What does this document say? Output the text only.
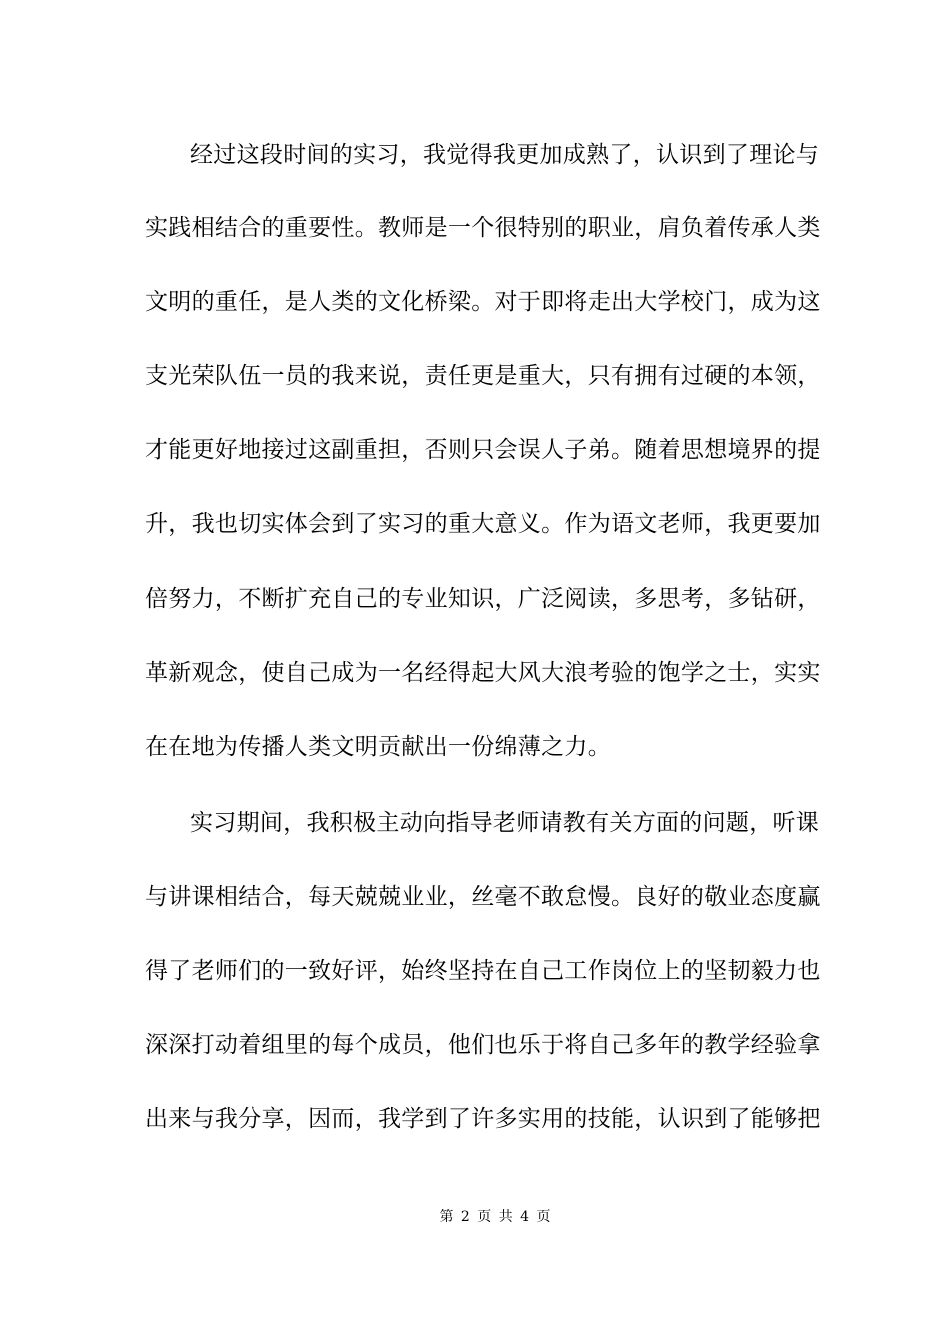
经过这段时间的实习，我觉得我更加成熟了，认识到了理论与
实践相结合的重要性。教师是一个很特别的职业，肩负着传承人类
文明的重任，是人类的文化桥梁。对于即将走出大学校门，成为这
支光荣队伍一员的我来说，责任更是重大，只有拥有过硬的本领，
才能更好地接过这副重担，否则只会误人子弟。随着思想境界的提
升，我也切实体会到了实习的重大意义。作为语文老师，我更要加
倍努力，不断扩充自己的专业知识，广泛阅读，多思考，多钻研，
革新观念，使自己成为一名经得起大风大浪考验的饱学之士，实实
在在地为传播人类文明贡献出一份绵薄之力。
实习期间，我积极主动向指导老师请教有关方面的问题，听课
与讲课相结合，每天兢兢业业，丝毫不敢怠慢。良好的敬业态度赢
得了老师们的一致好评，始终坚持在自己工作岗位上的坚韧毅力也
深深打动着组里的每个成员，他们也乐于将自己多年的教学经验拿
出来与我分享，因而，我学到了许多实用的技能，认识到了能够把
第 2 页 共 4 页
